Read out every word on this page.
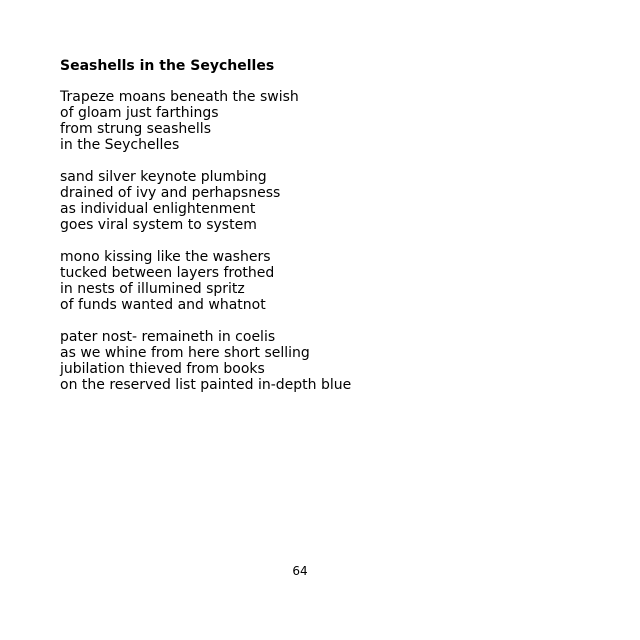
Seashells in the Seychelles
Trapeze moans beneath the swish
of gloam just farthings
from strung seashells
in the Seychelles
sand silver keynote plumbing
drained of ivy and perhapsness
as individual enlightenment
goes viral system to system
mono kissing like the washers
tucked between layers frothed
in nests of illumined spritz
of funds wanted and whatnot
pater nost- remaineth in coelis
as we whine from here short selling
jubilation thieved from books
on the reserved list painted in-depth blue
64
